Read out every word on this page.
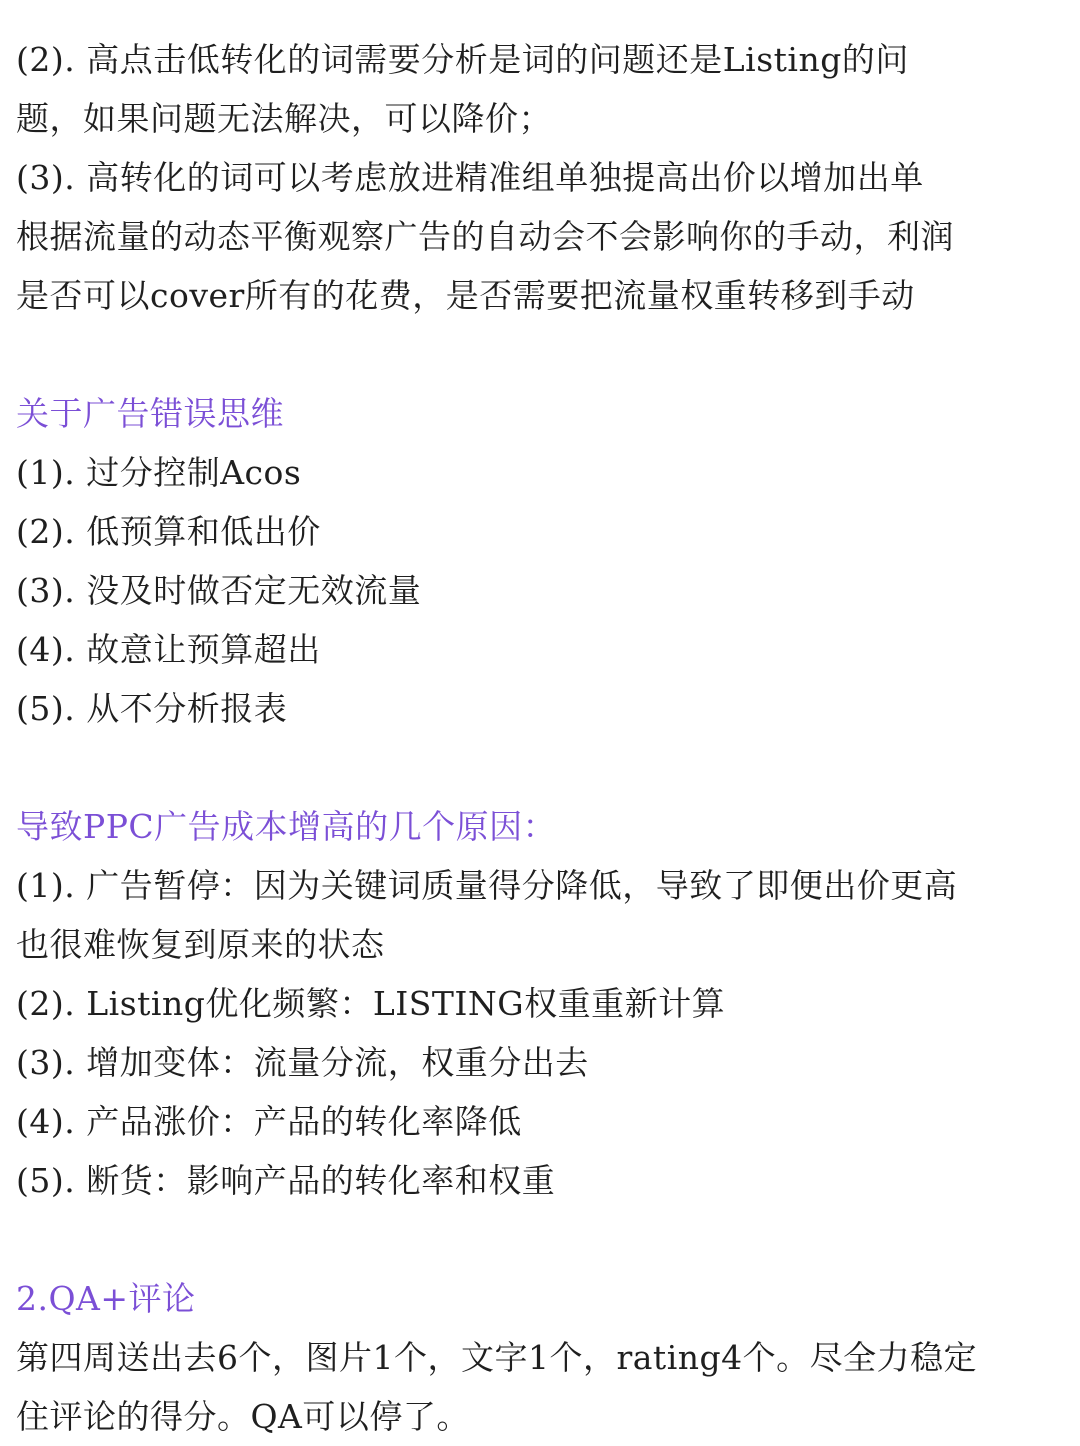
(2). 高点击低转化的词需要分析是词的问题还是Listing的问
题，如果问题无法解决，可以降价；
(3). 高转化的词可以考虑放进精准组单独提高出价以增加出单
根据流量的动态平衡观察广告的自动会不会影响你的手动，利润
是否可以cover所有的花费，是否需要把流量权重转移到手动
关于广告错误思维
(1). 过分控制Acos
(2). 低预算和低出价
(3). 没及时做否定无效流量
(4). 故意让预算超出
(5). 从不分析报表
导致PPC广告成本增高的几个原因：
(1). 广告暂停：因为关键词质量得分降低，导致了即便出价更高
也很难恢复到原来的状态
(2). Listing优化频繁：LISTING权重重新计算
(3). 增加变体：流量分流，权重分出去
(4). 产品涨价：产品的转化率降低
(5). 断货：影响产品的转化率和权重
2.QA+评论
第四周送出去6个，图片1个，文字1个，rating4个。尽全力稳定
住评论的得分。QA可以停了。
